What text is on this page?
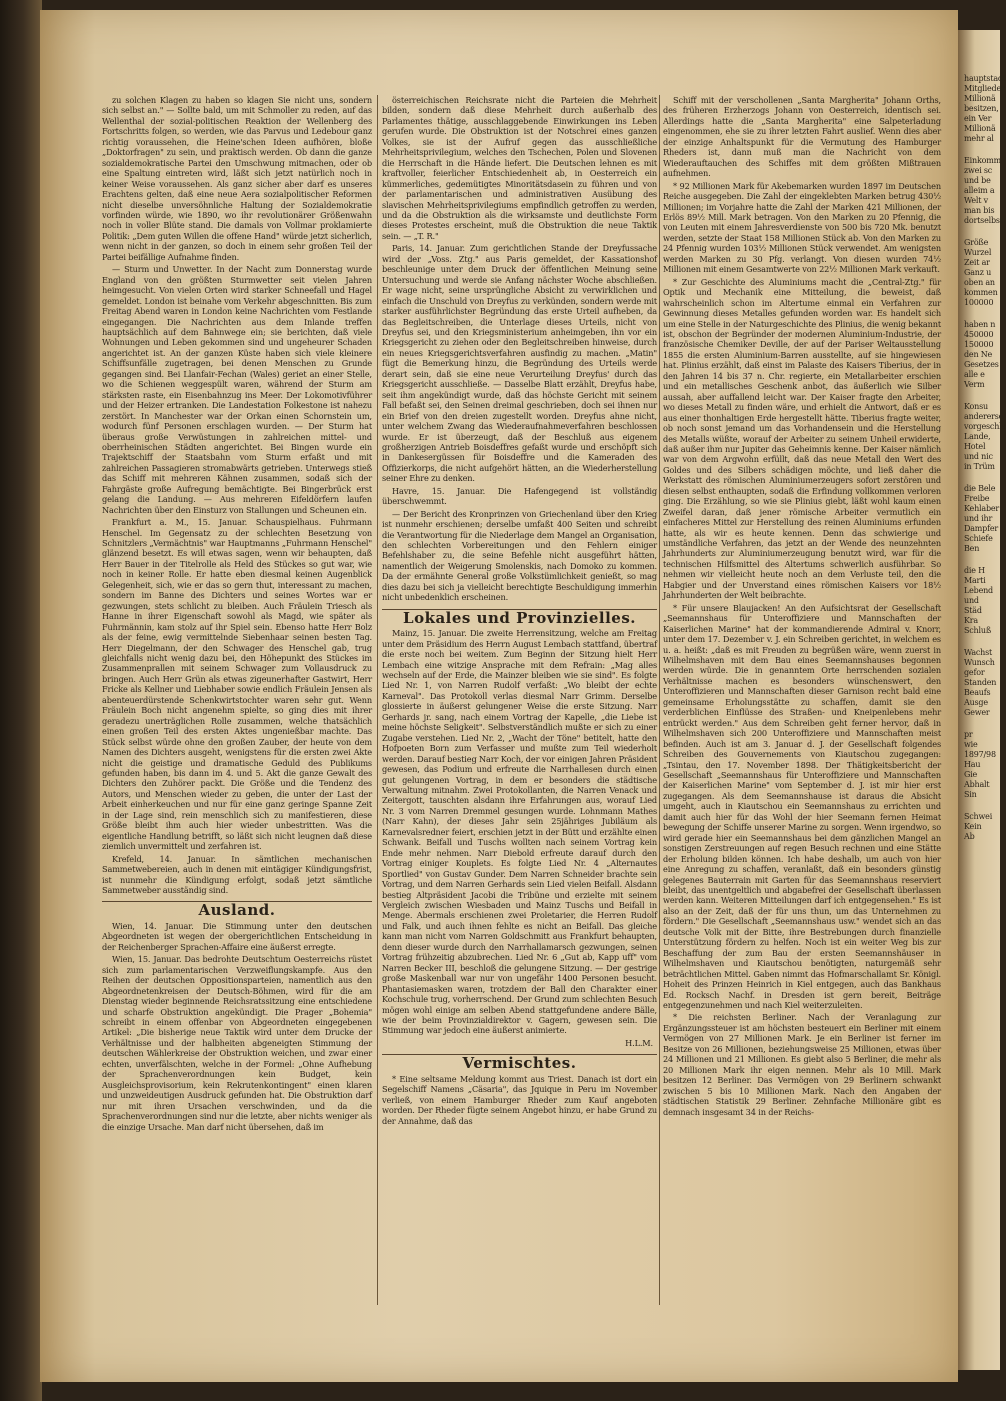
zu solchen Klagen zu haben so klagen Sie nicht uns, sondern sich selbst an." — Sollte bald, um mit Schmoller zu reden, auf das Wellenthal der sozial-politischen Reaktion der Wellenberg des Fortschritts folgen, so werden, wie das Parvus und Ledebour ganz richtig voraussehen, die Heine'schen Ideen aufhören, bloße „Doktorfragen" zu sein, und praktisch werden. Ob dann die ganze sozialdemokratische Partei den Umschwung mitmachen, oder ob eine Spaltung eintreten wird, läßt sich jetzt natürlich noch in keiner Weise voraussehen. Als ganz sicher aber darf es unseres Erachtens gelten, daß eine neue Aera sozialpolitischer Reformen nicht dieselbe unversöhnliche Haltung der Sozialdemokratie vorfinden würde, wie 1890, wo ihr revolutionärer Größenwahn noch in voller Blüte stand. Die damals von Vollmar proklamierte Politik: „Dem guten Willen die offene Hand" würde jetzt sicherlich, wenn nicht in der ganzen, so doch in einem sehr großen Teil der Partei beifällige Aufnahme finden.

— Sturm und Unwetter. In der Nacht zum Donnerstag wurde England von den größten Sturmwetter seit vielen Jahren heimgesucht. Von vielen Orten wird starker Schneefall und Hagel gemeldet. London ist beinahe vom Verkehr abgeschnitten. Bis zum Freitag Abend waren in London keine Nachrichten vom Festlande eingegangen. Die Nachrichten aus dem Inlande treffen hauptsächlich auf dem Bahnwege ein; sie berichten, daß viele Wohnungen und Leben gekommen sind und ungeheurer Schaden angerichtet ist. An der ganzen Küste haben sich viele kleinere Schiffsunfälle zugetragen, bei denen Menschen zu Grunde gegangen sind. Bei Llanfair-Fechan (Wales) geriet an einer Stelle, wo die Schienen weggespült waren, während der Sturm am stärksten raste, ein Eisenbahnzug ins Meer. Der Lokomotivführer und der Heizer ertranken. Die Landestation Folkestone ist nahezu zerstört. In Manchester war der Orkan einen Schornstein um, wodurch fünf Personen erschlagen wurden. — Der Sturm hat überaus große Verwüstungen in zahlreichen mittel- und oberrheinischen Städten angerichtet. Bei Bingen wurde ein Trajektschiff der Staatsbahn vom Sturm erfaßt und mit zahlreichen Passagieren stromabwärts getrieben. Unterwegs stieß das Schiff mit mehreren Kähnen zusammen, sodaß sich der Fahrgäste große Aufregung bemächtigte. Bei Bingerbrück erst gelang die Landung. — Aus mehreren Eifeldörfern laufen Nachrichten über den Einsturz von Stallungen und Scheunen ein.

Frankfurt a. M., 15. Januar. Schauspielhaus. Fuhrmann Henschel. Im Gegensatz zu der schlechten Besetzung von Schnitzlers „Vermächtnis" war Hauptmanns „Fuhrmann Henschel" glänzend besetzt. Es will etwas sagen, wenn wir behaupten, daß Herr Bauer in der Titelrolle als Held des Stückes so gut war, wie noch in keiner Rolle. Er hatte eben diesmal keinen Augenblick Gelegenheit, sich, wie er das so gern thut, interessant zu machen, sondern im Banne des Dichters und seines Wortes war er gezwungen, stets schlicht zu bleiben. Auch Fräulein Triesch als Hanne in ihrer Eigenschaft sowohl als Magd, wie später als Fuhrmännin, kam stolz auf ihr Spiel sein. Ebenso hatte Herr Bolz als der feine, ewig vermittelnde Siebenhaar seinen besten Tag. Herr Diegelmann, der den Schwager des Henschel gab, trug gleichfalls nicht wenig dazu bei, den Höhepunkt des Stückes im Zusammenprallen mit seinem Schwager zum Vollausdruck zu bringen. Auch Herr Grün als etwas zigeunerhafter Gastwirt, Herr Fricke als Kellner und Liebhaber sowie endlich Fräulein Jensen als abenteuerdürstende Schenkwirtstochter waren sehr gut. Wenn Fräulein Boch nicht angenehm spielte, so ging dies mit ihrer geradezu unerträglichen Rolle zusammen, welche thatsächlich einen großen Teil des ersten Aktes ungenießbar machte. Das Stück selbst würde ohne den großen Zauber, der heute von dem Namen des Dichters ausgeht, wenigstens für die ersten zwei Akte nicht die geistige und dramatische Geduld des Publikums gefunden haben, bis dann im 4. und 5. Akt die ganze Gewalt des Dichters den Zuhörer packt. Die Größe und die Tendenz des Autors, und Menschen wieder zu geben, die unter der Last der Arbeit einherkeuchen und nur für eine ganz geringe Spanne Zeit in der Lage sind, rein menschlich sich zu manifestieren, diese Größe bleibt ihm auch hier wieder unbestritten. Was die eigentliche Handlung betrifft, so läßt sich nicht leugnen daß diese ziemlich unvermittelt und zerfahren ist.

Krefeld, 14. Januar. In sämtlichen mechanischen Sammetwebereien, auch in denen mit eintägiger Kündigungsfrist, ist nunmehr die Kündigung erfolgt, sodaß jetzt sämtliche Sammetweber ausständig sind.

Ausland.

Wien, 14. Januar. Die Stimmung unter den deutschen Abgeordneten ist wegen der obergerichtlichen Entscheidung in der Reichenberger Sprachen-Affaire eine äußerst erregte.

Wien, 15. Januar. Das bedrohte Deutschtum Oesterreichs rüstet sich zum parlamentarischen Verzweiflungskampfe. Aus den Reihen der deutschen Oppositionsparteien, namentlich aus den Abgeordnetenkreisen der Deutsch-Böhmen, wird für die am Dienstag wieder beginnende Reichsratssitzung eine entschiedene und scharfe Obstruktion angekündigt. Die Prager „Bohemia" schreibt in einem offenbar von Abgeordneten eingegebenen Artikel: „Die bisherige neue Taktik wird unter dem Drucke der Verhältnisse und der halbheiten abgeneigten Stimmung der deutschen Wählerkreise der Obstruktion weichen, und zwar einer echten, unverfälschten, welche in der Formel: „Ohne Aufhebung der Sprachenverordnungen kein Budget, kein Ausgleichsprovisorium, kein Rekrutenkontingent" einen klaren und unzweideutigen Ausdruck gefunden hat. Die Obstruktion darf nur mit ihren Ursachen verschwinden, und da die Sprachenverordnungen sind nur die letzte, aber nichts weniger als die einzige Ursache. Man darf nicht übersehen, daß im

österreichischen Reichsrate nicht die Parteien die Mehrheit bilden, sondern daß diese Mehrheit durch außerhalb des Parlamentes thätige, ausschlaggebende Einwirkungen ins Leben gerufen wurde. Die Obstruktion ist der Notschrei eines ganzen Volkes, sie ist der Aufruf gegen das ausschließliche Mehrheitsprivilegium, welches den Tschechen, Polen und Slovenen die Herrschaft in die Hände liefert. Die Deutschen lehnen es mit kraftvoller, feierlicher Entschiedenheit ab, in Oesterreich ein kümmerliches, gedemütigtes Minoritätsdasein zu führen und von der parlamentarischen und administrativen Ausübung des slavischen Mehrheitsprivilegiums empfindlich getroffen zu werden, und da die Obstruktion als die wirksamste und deutlichste Form dieses Protestes erscheint, muß die Obstruktion die neue Taktik sein. — „T. R."

Paris, 14. Januar. Zum gerichtlichen Stande der Dreyfussache wird der „Voss. Ztg." aus Paris gemeldet, der Kassationshof beschleunige unter dem Druck der öffentlichen Meinung seine Untersuchung und werde sie Anfang nächster Woche abschließen. Er wage nicht, seine ursprüngliche Absicht zu verwirklichen und einfach die Unschuld von Dreyfus zu verkünden, sondern werde mit starker ausführlichster Begründung das erste Urteil aufheben, da das Begleitschreiben, die Unterlage dieses Urteils, nicht von Dreyfus sei, und den Kriegsministerium anheimgeben, ihn vor ein Kriegsgericht zu ziehen oder den Begleitschreiben hinweise, durch ein neues Kriegsgerichtsverfahren ausfindig zu machen. „Matin" fügt die Bemerkung hinzu, die Begründung des Urteils werde derart sein, daß sie eine neue Verurteilung Dreyfus' durch das Kriegsgericht ausschließe. — Dasselbe Blatt erzählt, Dreyfus habe, seit ihm angekündigt wurde, daß das höchste Gericht mit seinem Fall befaßt sei, den Seinen dreimal geschrieben, doch sei ihnen nur ein Brief von den dreien zugestellt worden. Dreyfus ahne nicht, unter welchem Zwang das Wiederaufnahmeverfahren beschlossen wurde. Er ist überzeugt, daß der Beschluß aus eigenem großherzigen Antrieb Boisdeffres gefaßt wurde und erschöpft sich in Dankesergüssen für Boisdeffre und die Kameraden des Offizierkorps, die nicht aufgehört hätten, an die Wiederherstellung seiner Ehre zu denken.

Havre, 15. Januar. Die Hafengegend ist vollständig überschwemmt.

— Der Bericht des Kronprinzen von Griechenland über den Krieg ist nunmehr erschienen; derselbe umfaßt 400 Seiten und schreibt die Verantwortung für die Niederlage dem Mangel an Organisation, den schlechten Vorbereitungen und den Fehlern einiger Befehlshaber zu, die seine Befehle nicht ausgeführt hätten, namentlich der Weigerung Smolenskis, nach Domoko zu kommen. Da der ermähnte General große Volkstümlichkeit genießt, so mag dies dazu bei sich ja vielleicht berechtigte Beschuldigung immerhin nicht unbedenklich erscheinen.

Lokales und Provinzielles.

Mainz, 15. Januar. Die zweite Herrensitzung, welche am Freitag unter dem Präsidium des Herrn August Lembach stattfand, übertraf die erste noch bei weitem. Zum Beginn der Sitzung hielt Herr Lembach eine witzige Ansprache mit dem Refrain: „Mag alles wechseln auf der Erde, die Mainzer bleiben wie sie sind". Es folgte Lied Nr. 1, von Narren Rudolf verfaßt: „Wo bleibt der echte Karneval". Das Protokoll verlas diesmal Narr Grimm. Derselbe glossierte in äußerst gelungener Weise die erste Sitzung. Narr Gerhards jr. sang, nach einem Vortrag der Kapelle, „die Liebe ist meine höchste Seligkeit". Selbstverständlich mußte er sich zu einer Zugabe verstehen. Lied Nr. 2, „Wacht der Töne" betitelt, hatte den Hofpoeten Born zum Verfasser und mußte zum Teil wiederholt werden. Darauf bestieg Narr Koch, der vor einigen Jahren Präsident gewesen, das Podium und erfreute die Narrhallesen durch einen gut gelungenen Vortrag, in dem er besonders die städtische Verwaltung mitnahm. Zwei Protokollanten, die Narren Venack und Zeitergott, tauschten alsdann ihre Erfahrungen aus, worauf Lied Nr. 3 vom Narren Dremmel gesungen wurde. Lohnmann Mathes (Narr Kahn), der dieses Jahr sein 25jähriges Jubiläum als Karnevalsredner feiert, erschien jetzt in der Bütt und erzählte einen Schwank. Beifall und Tuschs wollten nach seinem Vortrag kein Ende mehr nehmen. Narr Diebold erfreute darauf durch den Vortrag einiger Kouplets. Es folgte Lied Nr. 4 „Alternautes Sportlied" von Gustav Gunder. Dem Narren Schneider brachte sein Vortrag, und dem Narren Gerhards sein Lied vielen Beifall. Alsdann bestieg Altpräsident Jacobi die Tribüne und erzielte mit seinem Vergleich zwischen Wiesbaden und Mainz Tuschs und Beifall in Menge. Abermals erschienen zwei Proletarier, die Herren Rudolf und Falk, und auch ihnen fehlte es nicht an Beifall. Das gleiche kann man nicht vom Narren Goldschmitt aus Frankfurt behaupten, denn dieser wurde durch den Narrhallamarsch gezwungen, seinen Vortrag frühzeitig abzubrechen. Lied Nr. 6 „Gut ab, Kapp uff" vom Narren Becker III, beschloß die gelungene Sitzung. — Der gestrige große Maskenball war nur von ungefähr 1400 Personen besucht. Phantasiemasken waren, trotzdem der Ball den Charakter einer Kochschule trug, vorherrschend. Der Grund zum schlechten Besuch mögen wohl einige am selben Abend stattgefundene andere Bälle, wie der beim Provinzialdirektor v. Gagern, gewesen sein. Die Stimmung war jedoch eine äußerst animierte.

H.L.M.
Vermischtes.

* Eine seltsame Meldung kommt aus Triest. Danach ist dort ein Segelschiff Namens „Cäsaria", das Jquique in Peru im November verließ, von einem Hamburger Rheder zum Kauf angeboten worden. Der Rheder fügte seinem Angebot hinzu, er habe Grund zu der Annahme, daß das

Schiff mit der verschollenen „Santa Margherita" Johann Orths, des früheren Erzherzogs Johann von Oesterreich, identisch sei. Allerdings hatte die „Santa Margherita" eine Salpeterladung eingenommen, ehe sie zu ihrer letzten Fahrt auslief. Wenn dies aber der einzige Anhaltspunkt für die Vermutung des Hamburger Rheders ist, dann muß man die Nachricht von dem Wiederauftauchen des Schiffes mit dem größten Mißtrauen aufnehmen.

* 92 Millionen Mark für Akebemarken wurden 1897 im Deutschen Reiche ausgegeben. Die Zahl der eingeklebten Marken betrug 430½ Millionen; im Vorjahre hatte die Zahl der Marken 421 Millionen, der Erlös 89½ Mill. Mark betragen. Von den Marken zu 20 Pfennig, die von Leuten mit einem Jahresverdienste von 500 bis 720 Mk. benutzt werden, setzte der Staat 158 Millionen Stück ab. Von den Marken zu 24 Pfennig wurden 103½ Millionen Stück verwendet. Am wenigsten werden Marken zu 30 Pfg. verlangt. Von diesen wurden 74½ Millionen mit einem Gesamtwerte von 22½ Millionen Mark verkauft.

* Zur Geschichte des Aluminiums macht die „Central-Ztg." für Optik und Mechanik eine Mitteilung, die beweist, daß wahrscheinlich schon im Altertume einmal ein Verfahren zur Gewinnung dieses Metalles gefunden worden war. Es handelt sich um eine Stelle in der Naturgeschichte des Plinius, die wenig bekannt ist, obschon der Begründer der modernen Aluminium-Industrie, der französische Chemiker Deville, der auf der Pariser Weltausstellung 1855 die ersten Aluminium-Barren ausstellte, auf sie hingewiesen hat. Plinius erzählt, daß einst im Palaste des Kaisers Tiberius, der in den Jahren 14 bis 37 n. Chr. regierte, ein Metallarbeiter erschien und ein metallisches Geschenk anbot, das äußerlich wie Silber aussah, aber auffallend leicht war. Der Kaiser fragte den Arbeiter, wo dieses Metall zu finden wäre, und erhielt die Antwort, daß er es aus einer thonhaltigen Erde hergestellt hätte. Tiberius fragte weiter, ob noch sonst jemand um das Vorhandensein und die Herstellung des Metalls wüßte, worauf der Arbeiter zu seinem Unheil erwiderte, daß außer ihm nur Jupiter das Geheimnis kenne. Der Kaiser nämlich war von dem Argwohn erfüllt, daß das neue Metall den Wert des Goldes und des Silbers schädigen möchte, und ließ daher die Werkstatt des römischen Aluminiumerzeugers sofort zerstören und diesen selbst enthaupten, sodaß die Erfindung vollkommen verloren ging. Die Erzählung, so wie sie Plinius giebt, läßt wohl kaum einen Zweifel daran, daß jener römische Arbeiter vermutlich ein einfacheres Mittel zur Herstellung des reinen Aluminiums erfunden hatte, als wir es heute kennen. Denn das schwierige und umständliche Verfahren, das jetzt an der Wende des neunzehnten Jahrhunderts zur Aluminiumerzeugung benutzt wird, war für die technischen Hilfsmittel des Altertums schwerlich ausführbar. So nehmen wir vielleicht heute noch an dem Verluste teil, den die Habgier und der Unverstand eines römischen Kaisers vor 18½ Jahrhunderten der Welt beibrachte.

* Für unsere Blaujacken! An den Aufsichtsrat der Gesellschaft „Seemannshaus für Unteroffiziere und Mannschaften der Kaiserlichen Marine" hat der kommandierende Admiral v. Knorr, unter dem 17. Dezember v. J. ein Schreiben gerichtet, in welchem es u. a. heißt: „daß es mit Freuden zu begrüßen wäre, wenn zuerst in Wilhelmshaven mit dem Bau eines Seemannshauses begonnen werden würde. Die in genanntem Orte herrschenden sozialen Verhältnisse machen es besonders wünschenswert, den Unteroffizieren und Mannschaften dieser Garnison recht bald eine gemeinsame Erholungsstätte zu schaffen, damit sie den verderblichen Einflüsse des Straßen- und Kneipenlebens mehr entrückt werden." Aus dem Schreiben geht ferner hervor, daß in Wilhelmshaven sich 200 Unteroffiziere und Mannschaften meist befinden. Auch ist am 3. Januar d. J. der Gesellschaft folgendes Schreiben des Gouvernements von Kiautschou zugegangen: „Tsintau, den 17. November 1898. Der Thätigkeitsbericht der Gesellschaft „Seemannshaus für Unteroffiziere und Mannschaften der Kaiserlichen Marine" vom September d. J. ist mir hier erst zugegangen. Als dem Seemannshause ist daraus die Absicht umgeht, auch in Kiautschou ein Seemannshaus zu errichten und damit auch hier für das Wohl der hier Seemann fernen Heimat bewegung der Schiffe unserer Marine zu sorgen. Wenn irgendwo, so wird gerade hier ein Seemannshaus bei dem gänzlichen Mangel an sonstigen Zerstreuungen auf regen Besuch rechnen und eine Stätte der Erholung bilden können. Ich habe deshalb, um auch von hier eine Anregung zu schaffen, veranlaßt, daß ein besonders günstig gelegenes Bauterrain mit Garten für das Seemannshaus reserviert bleibt, das unentgeltlich und abgabefrei der Gesellschaft überlassen werden kann. Weiteren Mitteilungen darf ich entgegensehen." Es ist also an der Zeit, daß der für uns thun, um das Unternehmen zu fördern." Die Gesellschaft „Seemannshaus usw." wendet sich an das deutsche Volk mit der Bitte, ihre Bestrebungen durch finanzielle Unterstützung fördern zu helfen. Noch ist ein weiter Weg bis zur Beschaffung der zum Bau der ersten Seemannshäuser in Wilhelmshaven und Kiautschou benötigten, naturgemäß sehr beträchtlichen Mittel. Gaben nimmt das Hofmarschallamt Sr. Königl. Hoheit des Prinzen Heinrich in Kiel entgegen, auch das Bankhaus Ed. Rocksch Nachf. in Dresden ist gern bereit, Beiträge entgegenzunehmen und nach Kiel weiterzuleiten.

* Die reichsten Berliner. Nach der Veranlagung zur Ergänzungssteuer ist am höchsten besteuert ein Berliner mit einem Vermögen von 27 Millionen Mark. Je ein Berliner ist ferner im Besitze von 26 Millionen, beziehungsweise 25 Millionen, etwas über 24 Millionen und 21 Millionen. Es giebt also 5 Berliner, die mehr als 20 Millionen Mark ihr eigen nennen. Mehr als 10 Mill. Mark besitzen 12 Berliner. Das Vermögen von 29 Berlinern schwankt zwischen 5 bis 10 Millionen Mark. Nach den Angaben der städtischen Statistik 29 Berliner. Zehnfache Millionäre gibt es demnach insgesamt 34 in der Reichs-

hauptstadt
Mitglieder
Millionä
besitzen,
ein Ver
Millionä
mehr al
Einkomm
zwei sc
und be
alleim a
Welt v
man bis
dortselbst
Größe
Wurzel
Zeit ar
Ganz u
oben an
kommen
100000
haben n
450000
150000
den Ne
Gesetzes
alle e
Verm
Konsu
andererse
vorgeschla
Lande,
Hotel
und nic
in Trüm
die Bele
Freibe
Kehlaber
und ihr
Dampfer
Schiefe
Ben
die H
Marti
Lebend
und
Städ
Kra
Schluß
Wachst
Wunsch
gefor
Standen
Beaufs
Ausge
Gewer
pr
wie
1897/98
Hau
Gie
Abhalt
Sin
Schwei
Kein
Ab
